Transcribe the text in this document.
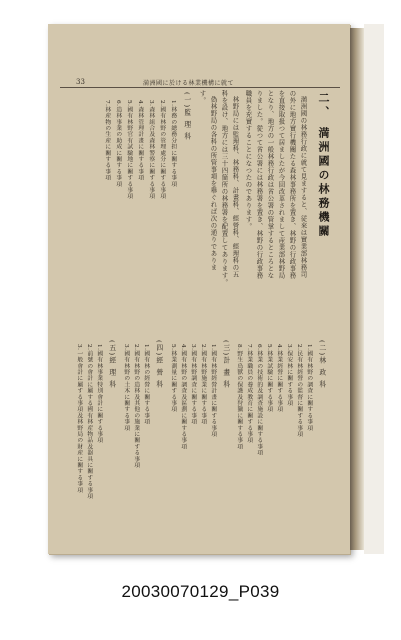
33	満洲國に於ける林業機構に就て
二、 満洲國の林務機關
満洲國の林務行政に就て見ますると、従來は實業部林務司
の外に地方實行機關たる森林事務所を置き、林野の行政事務
を直接取扱つて居ましたが今回改革されまして産業部林野局
となり、地方の一般林務行政は省公署の管掌するところとな
りました。從つて省公署には林務署を置き、林野の行政事務
職員を充實することになつたのであります。
林野局には監理科、林務科、計畫科、經營科、經理科の五
科を設け、地方には三十四箇所の林務署を配置してあります。
偽林野局の各科の所管事項を舉ぐれば次の通りでありま
す。
(一)監 理 科
1.林務の總務分担に關する事項
2.國有林野の管理處分に關する事項
3.森林組合及森林警察に關する事項
4.森林管理計畫に關する事項
5.國有林野官有試驗地に關する事項
6.造林事業の助成に關する事項
7.林産物の生産に關する事項
(二)林 政 科
1.國有林野の調査に關する事項
2.民有林經營の監督に關する事項
3.保安林に關する事項
4.林業經營に關する事項
5.林業試驗に關する事項
6.林業の技術的及調査施設に關する事項
7.林業職員の養成教育に關する事項
8.野生鳥獸の保護及狩獵に關する事項
(三)計 畫 科
1.國有林野經營計畫に關する事項
2.國有林野施業に關する事項
3.國有林野調査に關する事項
4.國有林野の調査及區劃に關する事項
5.林業測量に關する事項
(四)經 營 科
1.國有林の經營に關する事項
2.國有林野の造林及其他の施業に關する事項
3.國有林野の土木に關する事項
(五)經 理 科
1.國有林事業特別會計に關する事項
2.前號の會計に屬する國有林産物品及器具に關する事項
3.一般會計に屬する事項及林野局の財産に關する事項
20030070129_P039
